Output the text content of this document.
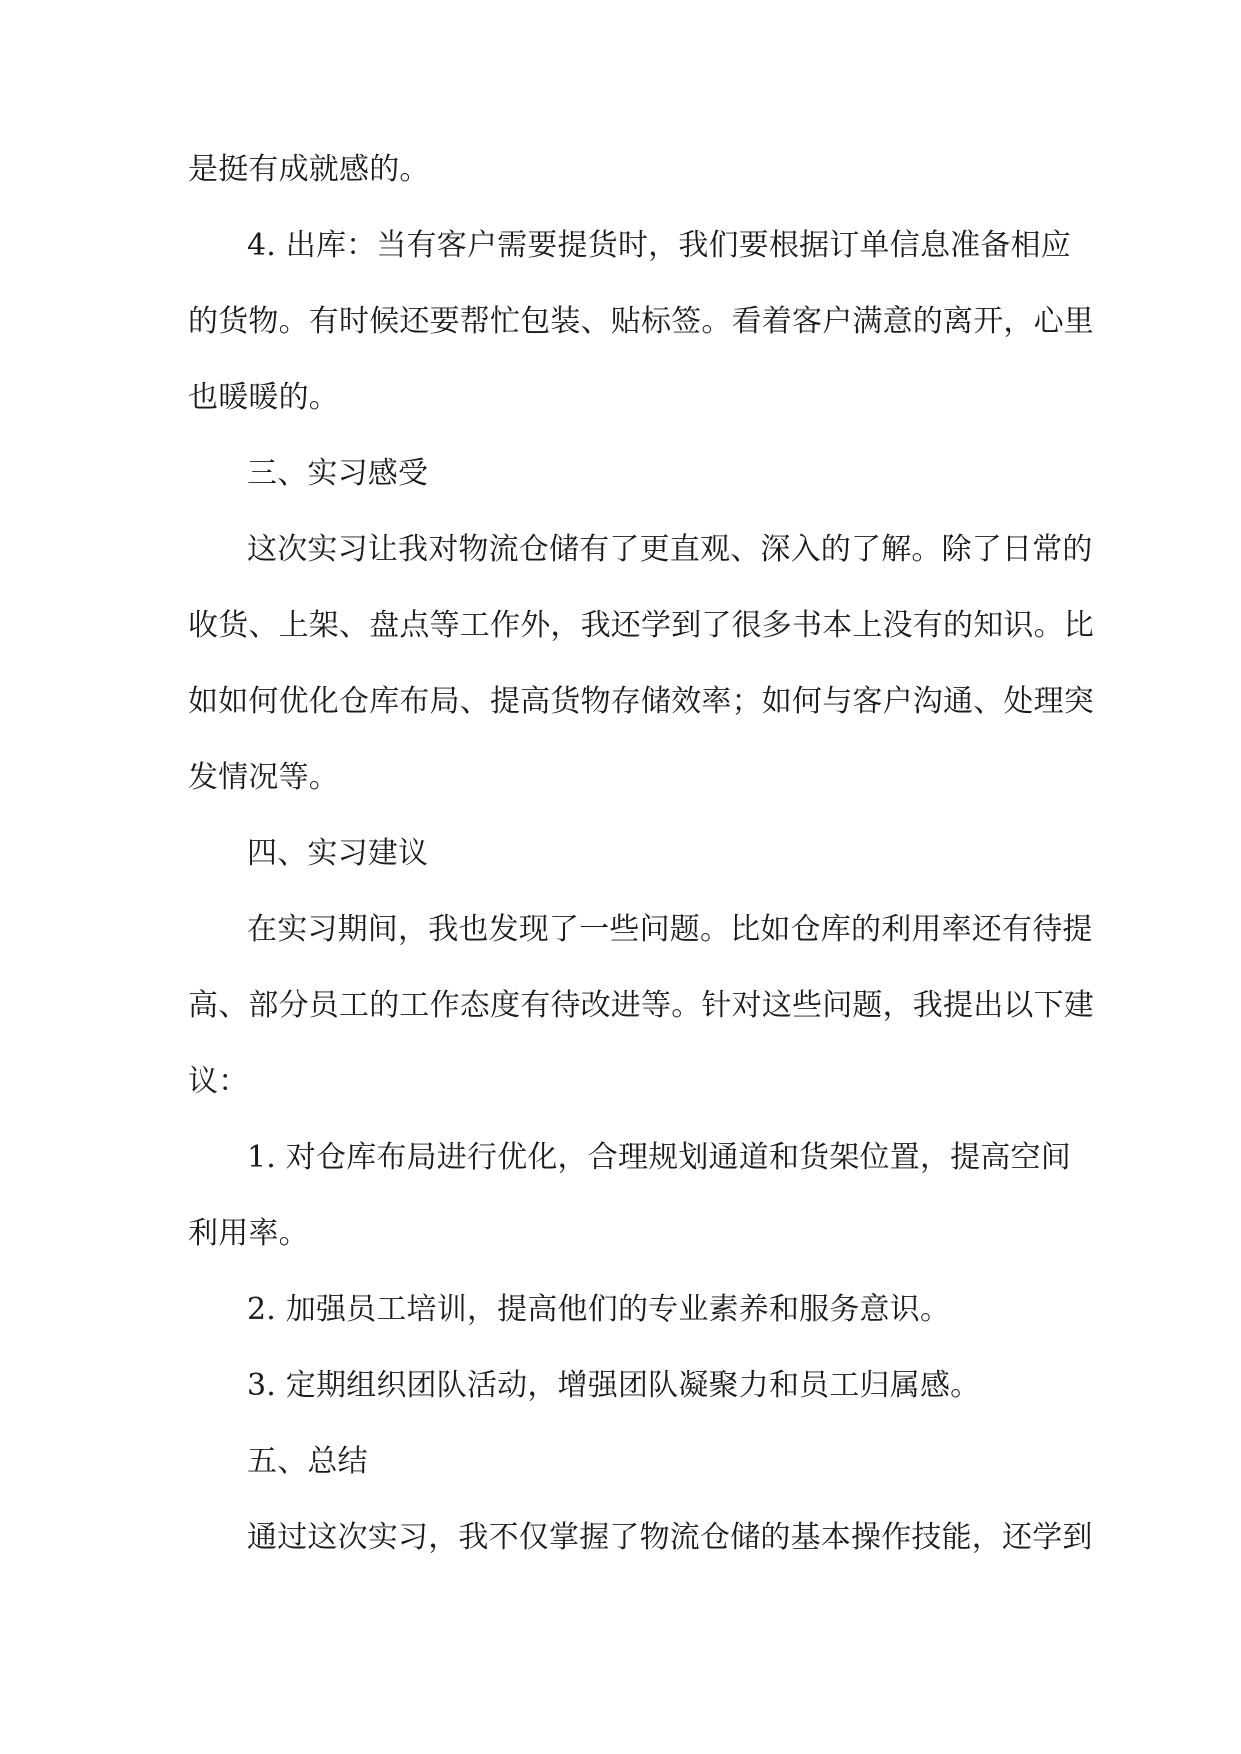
是挺有成就感的。
4. 出库：当有客户需要提货时，我们要根据订单信息准备相应
的货物。有时候还要帮忙包装、贴标签。看着客户满意的离开，心里
也暖暖的。
三、实习感受
这次实习让我对物流仓储有了更直观、深入的了解。除了日常的
收货、上架、盘点等工作外，我还学到了很多书本上没有的知识。比
如如何优化仓库布局、提高货物存储效率；如何与客户沟通、处理突
发情况等。
四、实习建议
在实习期间，我也发现了一些问题。比如仓库的利用率还有待提
高、部分员工的工作态度有待改进等。针对这些问题，我提出以下建
议：
1. 对仓库布局进行优化，合理规划通道和货架位置，提高空间
利用率。
2. 加强员工培训，提高他们的专业素养和服务意识。
3. 定期组织团队活动，增强团队凝聚力和员工归属感。
五、总结
通过这次实习，我不仅掌握了物流仓储的基本操作技能，还学到
